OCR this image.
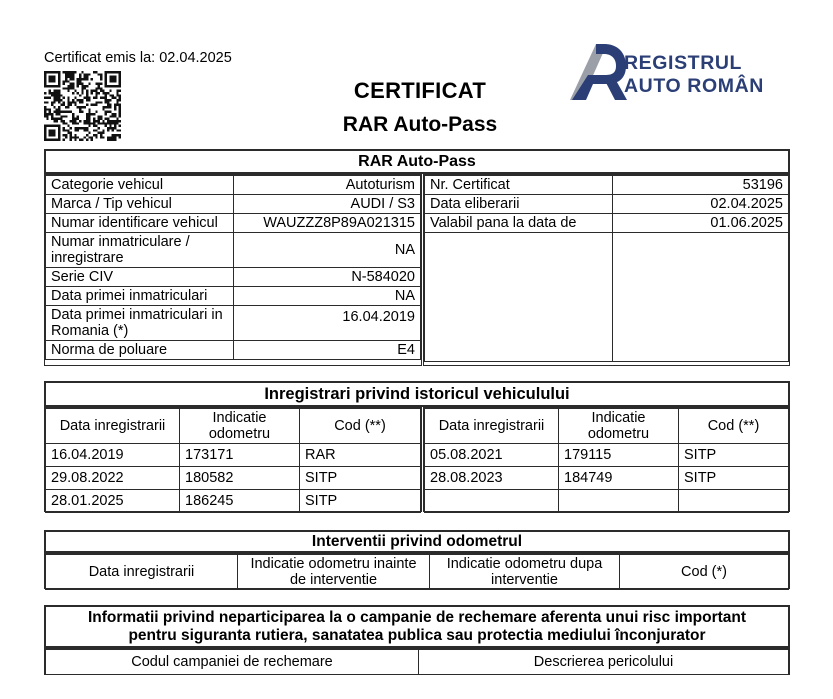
Certificat emis la: 02.04.2025
CERTIFICAT
RAR Auto-Pass
REGISTRUL
AUTO ROMÂN
RAR Auto-Pass
Categorie vehicul	Autoturism
Marca / Tip vehicul	AUDI / S3
Numar identificare vehicul	WAUZZZ8P89A021315
Numar inmatriculare / inregistrare	NA
Serie CIV	N-584020
Data primei inmatriculari	NA
Data primei inmatriculari in Romania (*)	16.04.2019
Norma de poluare	E4
Nr. Certificat	53196
Data eliberarii	02.04.2025
Valabil pana la data de	01.06.2025

Inregistrari privind istoricul vehiculului
Data inregistrarii	Indicatie odometru	Cod (**)
16.04.2019	173171	RAR
29.08.2022	180582	SITP
28.01.2025	186245	SITP
Data inregistrarii	Indicatie odometru	Cod (**)
05.08.2021	179115	SITP
28.08.2023	184749	SITP

Interventii privind odometrul
Data inregistrarii	Indicatie odometru inainte de interventie	Indicatie odometru dupa interventie	Cod (*)
Informatii privind neparticiparea la o campanie de rechemare aferenta unui risc important
pentru siguranta rutiera, sanatatea publica sau protectia mediului înconjurator
Codul campaniei de rechemare	Descrierea pericolului
